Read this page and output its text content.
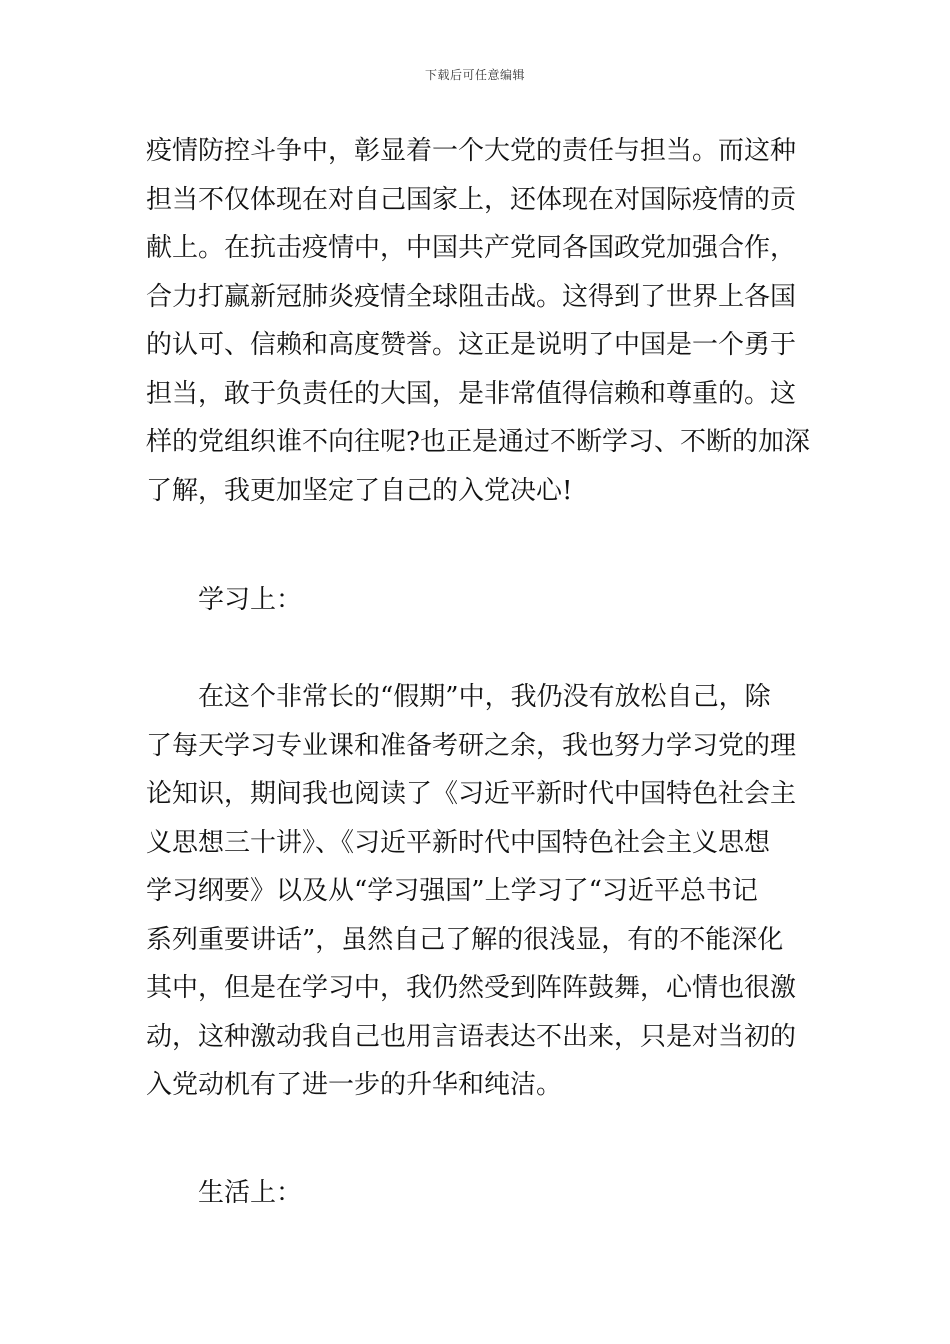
下载后可任意编辑
疫情防控斗争中，彰显着一个大党的责任与担当。而这种
担当不仅体现在对自己国家上，还体现在对国际疫情的贡
献上。在抗击疫情中，中国共产党同各国政党加强合作，
合力打赢新冠肺炎疫情全球阻击战。这得到了世界上各国
的认可、信赖和高度赞誉。这正是说明了中国是一个勇于
担当，敢于负责任的大国，是非常值得信赖和尊重的。这
样的党组织谁不向往呢?也正是通过不断学习、不断的加深
了解，我更加坚定了自己的入党决心!
学习上：
在这个非常长的“假期”中，我仍没有放松自己，除
了每天学习专业课和准备考研之余，我也努力学习党的理
论知识，期间我也阅读了《习近平新时代中国特色社会主
义思想三十讲》、《习近平新时代中国特色社会主义思想
学习纲要》以及从“学习强国”上学习了“习近平总书记
系列重要讲话”，虽然自己了解的很浅显，有的不能深化
其中，但是在学习中，我仍然受到阵阵鼓舞，心情也很激
动，这种激动我自己也用言语表达不出来，只是对当初的
入党动机有了进一步的升华和纯洁。
生活上：
